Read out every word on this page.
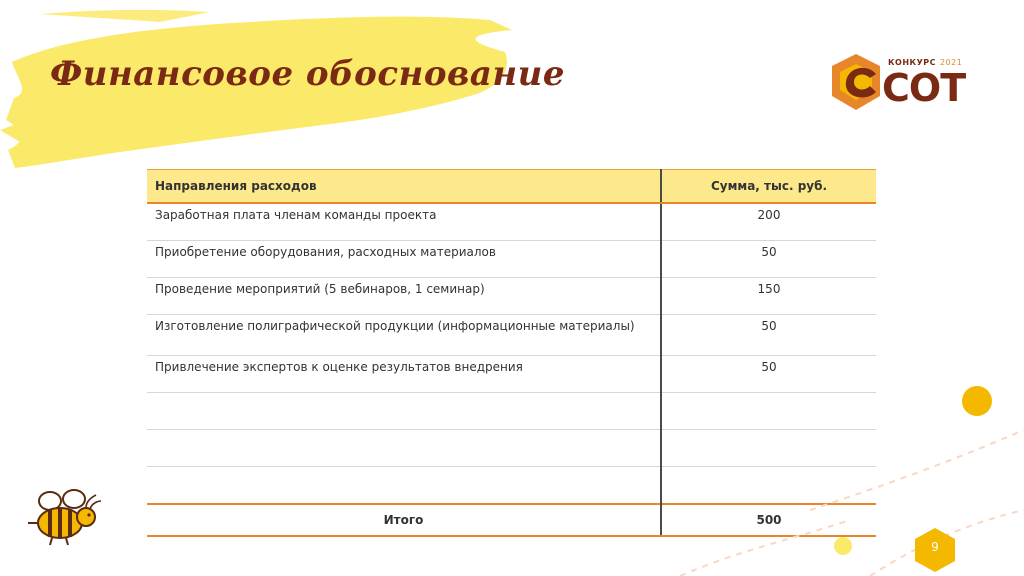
Финансовое обоснование	КОНКУРС 2021
СОТ
Направления расходов	Сумма, тыс. руб.
Заработная плата членам команды проекта	200
Приобретение оборудования, расходных материалов	50
Проведение мероприятий (5 вебинаров, 1 семинар)	150
Изготовление полиграфической продукции (информационные материалы)	50
Привлечение экспертов к оценке результатов внедрения	50

Итого	500
9
